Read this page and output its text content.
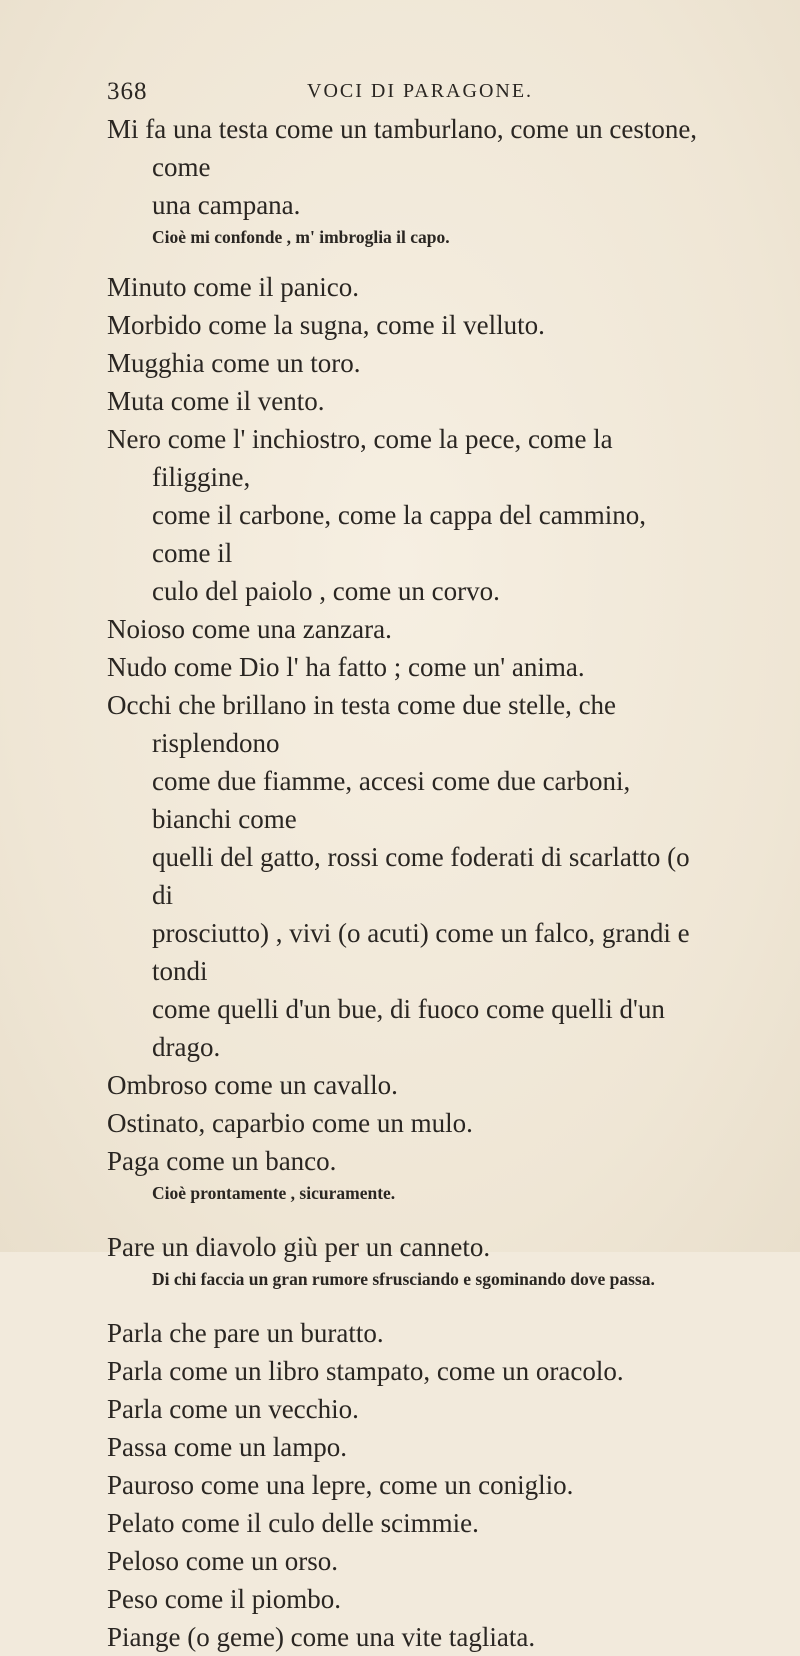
368	VOCI DI PARAGONE.

Mi fa una testa come un tamburlano, come un cestone, come
una campana.

Cioè mi confonde , m' imbroglia il capo.

Minuto come il panico.

Morbido come la sugna, come il velluto.

Mugghia come un toro.

Muta come il vento.

Nero come l' inchiostro, come la pece, come la filiggine,
come il carbone, come la cappa del cammino, come il
culo del paiolo , come un corvo.

Noioso come una zanzara.

Nudo come Dio l' ha fatto ; come un' anima.

Occhi che brillano in testa come due stelle, che risplendono
come due fiamme, accesi come due carboni, bianchi come
quelli del gatto, rossi come foderati di scarlatto (o di
prosciutto) , vivi (o acuti) come un falco, grandi e tondi
come quelli d'un bue, di fuoco come quelli d'un drago.

Ombroso come un cavallo.

Ostinato, caparbio come un mulo.

Paga come un banco.

Cioè prontamente , sicuramente.

Pare un diavolo giù per un canneto.

Di chi faccia un gran rumore sfrusciando e sgominando dove passa.

Parla che pare un buratto.

Parla come un libro stampato, come un oracolo.

Parla come un vecchio.

Passa come un lampo.

Pauroso come una lepre, come un coniglio.

Pelato come il culo delle scimmie.

Peloso come un orso.

Peso come il piombo.

Piange (o geme) come una vite tagliata.
